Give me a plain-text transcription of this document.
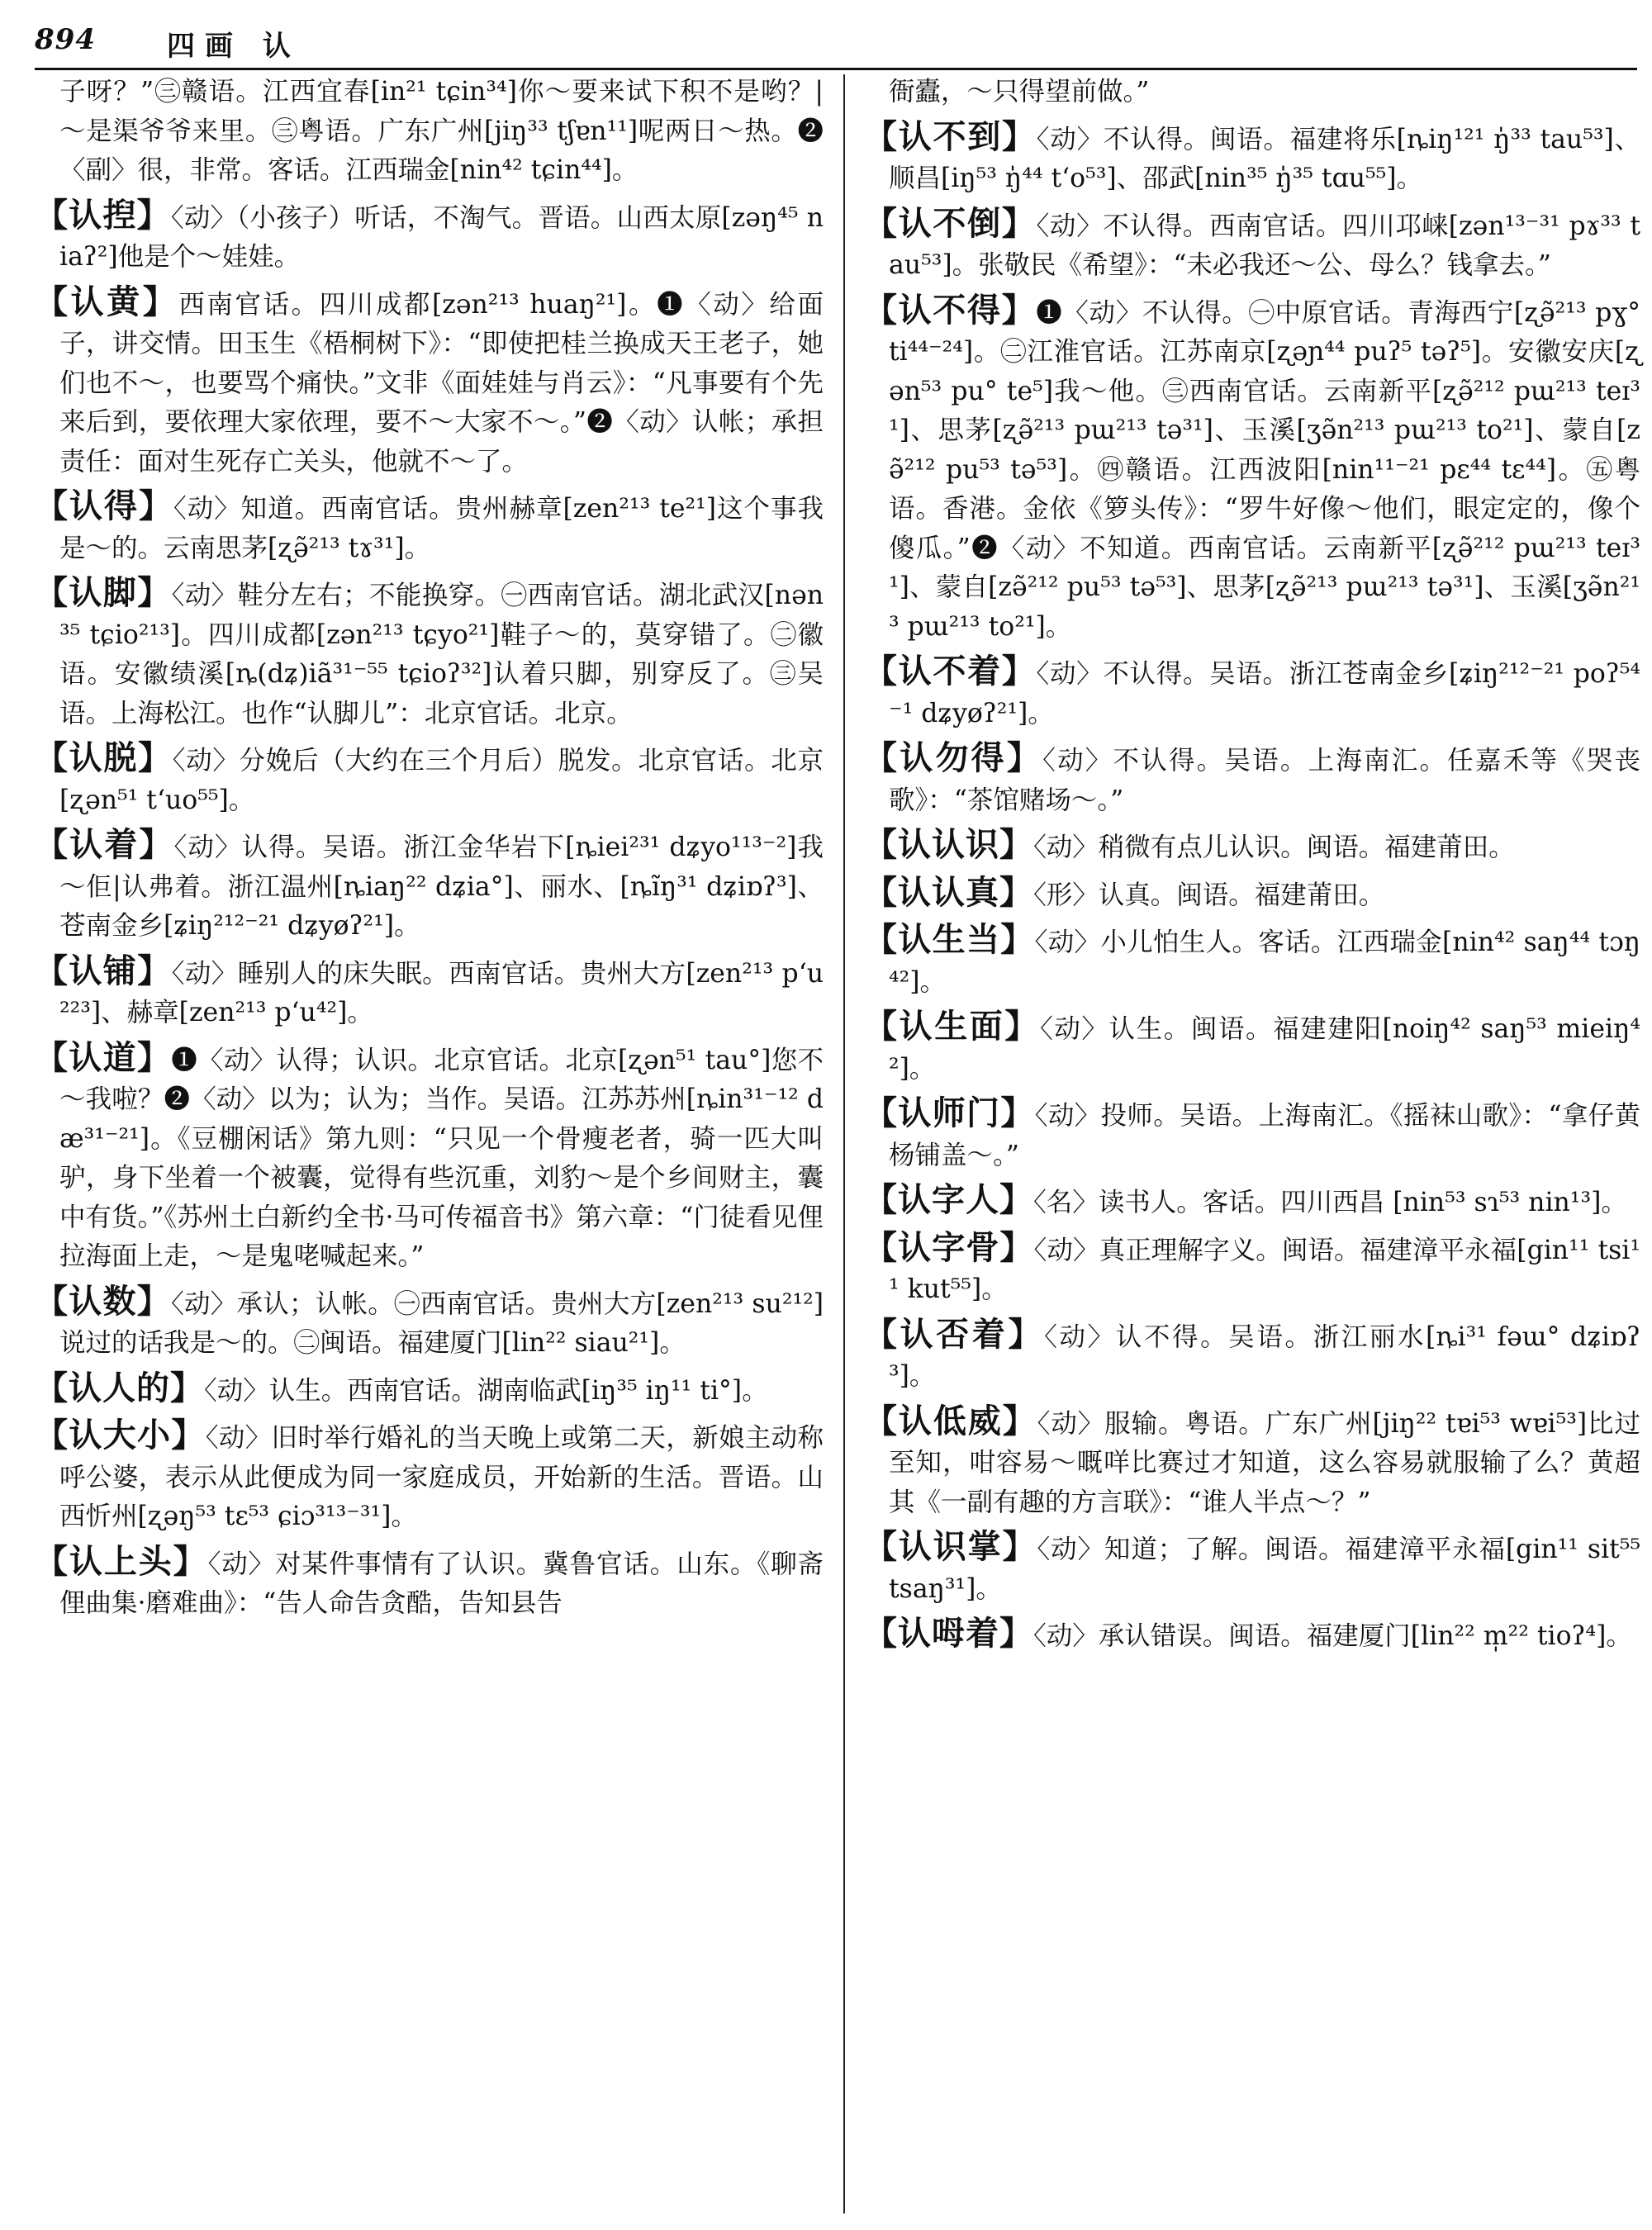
894	四画 认

子呀？”㊂赣语。江西宜春[in²¹ tɕin³⁴]你～要来试下积不是哟？| ～是渠爷爷来里。㊂粤语。广东广州[jiŋ³³ tʃɐn¹¹]呢两日～热。❷〈副〉很，非常。客话。江西瑞金[nin⁴² tɕin⁴⁴]。

【认揑】〈动〉（小孩子）听话，不淘气。晋语。山西太原[zəŋ⁴⁵ niaʔ²]他是个～娃娃。

【认黄】西南官话。四川成都[zən²¹³ huaŋ²¹]。❶〈动〉给面子，讲交情。田玉生《梧桐树下》：“即使把桂兰换成天王老子，她们也不～，也要骂个痛快。”文非《面娃娃与肖云》：“凡事要有个先来后到，要依理大家依理，要不～大家不～。”❷〈动〉认帐；承担责任：面对生死存亡关头，他就不～了。

【认得】〈动〉知道。西南官话。贵州赫章[zen²¹³ te²¹]这个事我是～的。云南思茅[ʐə̃²¹³ tɤ³¹]。

【认脚】〈动〉鞋分左右；不能换穿。㊀西南官话。湖北武汉[nən³⁵ tɕio²¹³]。四川成都[zən²¹³ tɕyo²¹]鞋子～的，莫穿错了。㊁徽语。安徽绩溪[ȵ(dʑ)iã³¹⁻⁵⁵ tɕioʔ³²]认着只脚，别穿反了。㊂吴语。上海松江。也作“认脚儿”：北京官话。北京。

【认脱】〈动〉分娩后（大约在三个月后）脱发。北京官话。北京[ʐən⁵¹ tʻuo⁵⁵]。

【认着】〈动〉认得。吴语。浙江金华岩下[ȵiei²³¹ dʑyo¹¹³⁻²]我～佢|认弗着。浙江温州[ȵiaŋ²² dʑia°]、丽水、[ȵĩŋ³¹ dʑiɒʔ³]、苍南金乡[ʑiŋ²¹²⁻²¹ dʑyøʔ²¹]。

【认铺】〈动〉睡别人的床失眠。西南官话。贵州大方[zen²¹³ pʻu²²³]、赫章[zen²¹³ pʻu⁴²]。

【认道】❶〈动〉认得；认识。北京官话。北京[ʐən⁵¹ tau°]您不～我啦？❷〈动〉以为；认为；当作。吴语。江苏苏州[ȵin³¹⁻¹² dæ³¹⁻²¹]。《豆棚闲话》第九则：“只见一个骨瘦老者，骑一匹大叫驴，身下坐着一个被囊，觉得有些沉重，刘豹～是个乡间财主，囊中有货。”《苏州土白新约全书·马可传福音书》第六章：“门徒看见俚拉海面上走，～是鬼咾喊起来。”

【认数】〈动〉承认；认帐。㊀西南官话。贵州大方[zen²¹³ su²¹²]说过的话我是～的。㊁闽语。福建厦门[lin²² siau²¹]。

【认人的】〈动〉认生。西南官话。湖南临武[iŋ³⁵ iŋ¹¹ ti°]。

【认大小】〈动〉旧时举行婚礼的当天晚上或第二天，新娘主动称呼公婆，表示从此便成为同一家庭成员，开始新的生活。晋语。山西忻州[ʐəŋ⁵³ tɛ⁵³ ɕiɔ³¹³⁻³¹]。

【认上头】〈动〉对某件事情有了认识。冀鲁官话。山东。《聊斋俚曲集·磨难曲》：“告人命告贪酷，告知县告

衙蠹，～只得望前做。”

【认不到】〈动〉不认得。闽语。福建将乐[ȵiŋ¹²¹ ŋ̍³³ tau⁵³]、顺昌[iŋ⁵³ ŋ̍⁴⁴ tʻo⁵³]、邵武[nin³⁵ ŋ̍³⁵ tɑu⁵⁵]。

【认不倒】〈动〉不认得。西南官话。四川邛崃[zən¹³⁻³¹ pɤ³³ tau⁵³]。张敬民《希望》：“未必我还～公、母么？钱拿去。”

【认不得】❶〈动〉不认得。㊀中原官话。青海西宁[ʐə̃²¹³ pɣ° ti⁴⁴⁻²⁴]。㊁江淮官话。江苏南京[ʐəɲ⁴⁴ puʔ⁵ təʔ⁵]。安徽安庆[ʐən⁵³ pu° te⁵]我～他。㊂西南官话。云南新平[ʐə̃²¹² pɯ²¹³ teɪ³¹]、思茅[ʐə̃²¹³ pɯ²¹³ tə³¹]、玉溪[ʒə̃n²¹³ pɯ²¹³ to²¹]、蒙自[zə̃²¹² pu⁵³ tə⁵³]。㊃赣语。江西波阳[nin¹¹⁻²¹ pɛ⁴⁴ tɛ⁴⁴]。㊄粤语。香港。金依《箩头传》：“罗牛好像～他们，眼定定的，像个傻瓜。”❷〈动〉不知道。西南官话。云南新平[ʐə̃²¹² pɯ²¹³ teɪ³¹]、蒙自[zə̃²¹² pu⁵³ tə⁵³]、思茅[ʐə̃²¹³ pɯ²¹³ tə³¹]、玉溪[ʒə̃n²¹³ pɯ²¹³ to²¹]。

【认不着】〈动〉不认得。吴语。浙江苍南金乡[ʑiŋ²¹²⁻²¹ poʔ⁵⁴⁻¹ dʑyøʔ²¹]。

【认勿得】〈动〉不认得。吴语。上海南汇。任嘉禾等《哭丧歌》：“茶馆赌场～。”

【认认识】〈动〉稍微有点儿认识。闽语。福建莆田。

【认认真】〈形〉认真。闽语。福建莆田。

【认生当】〈动〉小儿怕生人。客话。江西瑞金[nin⁴² saŋ⁴⁴ tɔŋ⁴²]。

【认生面】〈动〉认生。闽语。福建建阳[noiŋ⁴² saŋ⁵³ mieiŋ⁴²]。

【认师门】〈动〉投师。吴语。上海南汇。《摇袜山歌》：“拿仔黄杨铺盖～。”

【认字人】〈名〉读书人。客话。四川西昌 [nin⁵³ sɿ⁵³ nin¹³]。

【认字骨】〈动〉真正理解字义。闽语。福建漳平永福[gin¹¹ tsi¹¹ kut⁵⁵]。

【认否着】〈动〉认不得。吴语。浙江丽水[ȵi³¹ fəɯ° dʑiɒʔ³]。

【认低威】〈动〉服输。粤语。广东广州[jiŋ²² tɐi⁵³ wɐi⁵³]比过至知，咁容易～嘅咩比赛过才知道，这么容易就服输了么？黄超其《一副有趣的方言联》：“谁人半点～？”

【认识掌】〈动〉知道；了解。闽语。福建漳平永福[gin¹¹ sit⁵⁵ tsaŋ³¹]。

【认呣着】〈动〉承认错误。闽语。福建厦门[lin²² m̩²² tioʔ⁴]。
